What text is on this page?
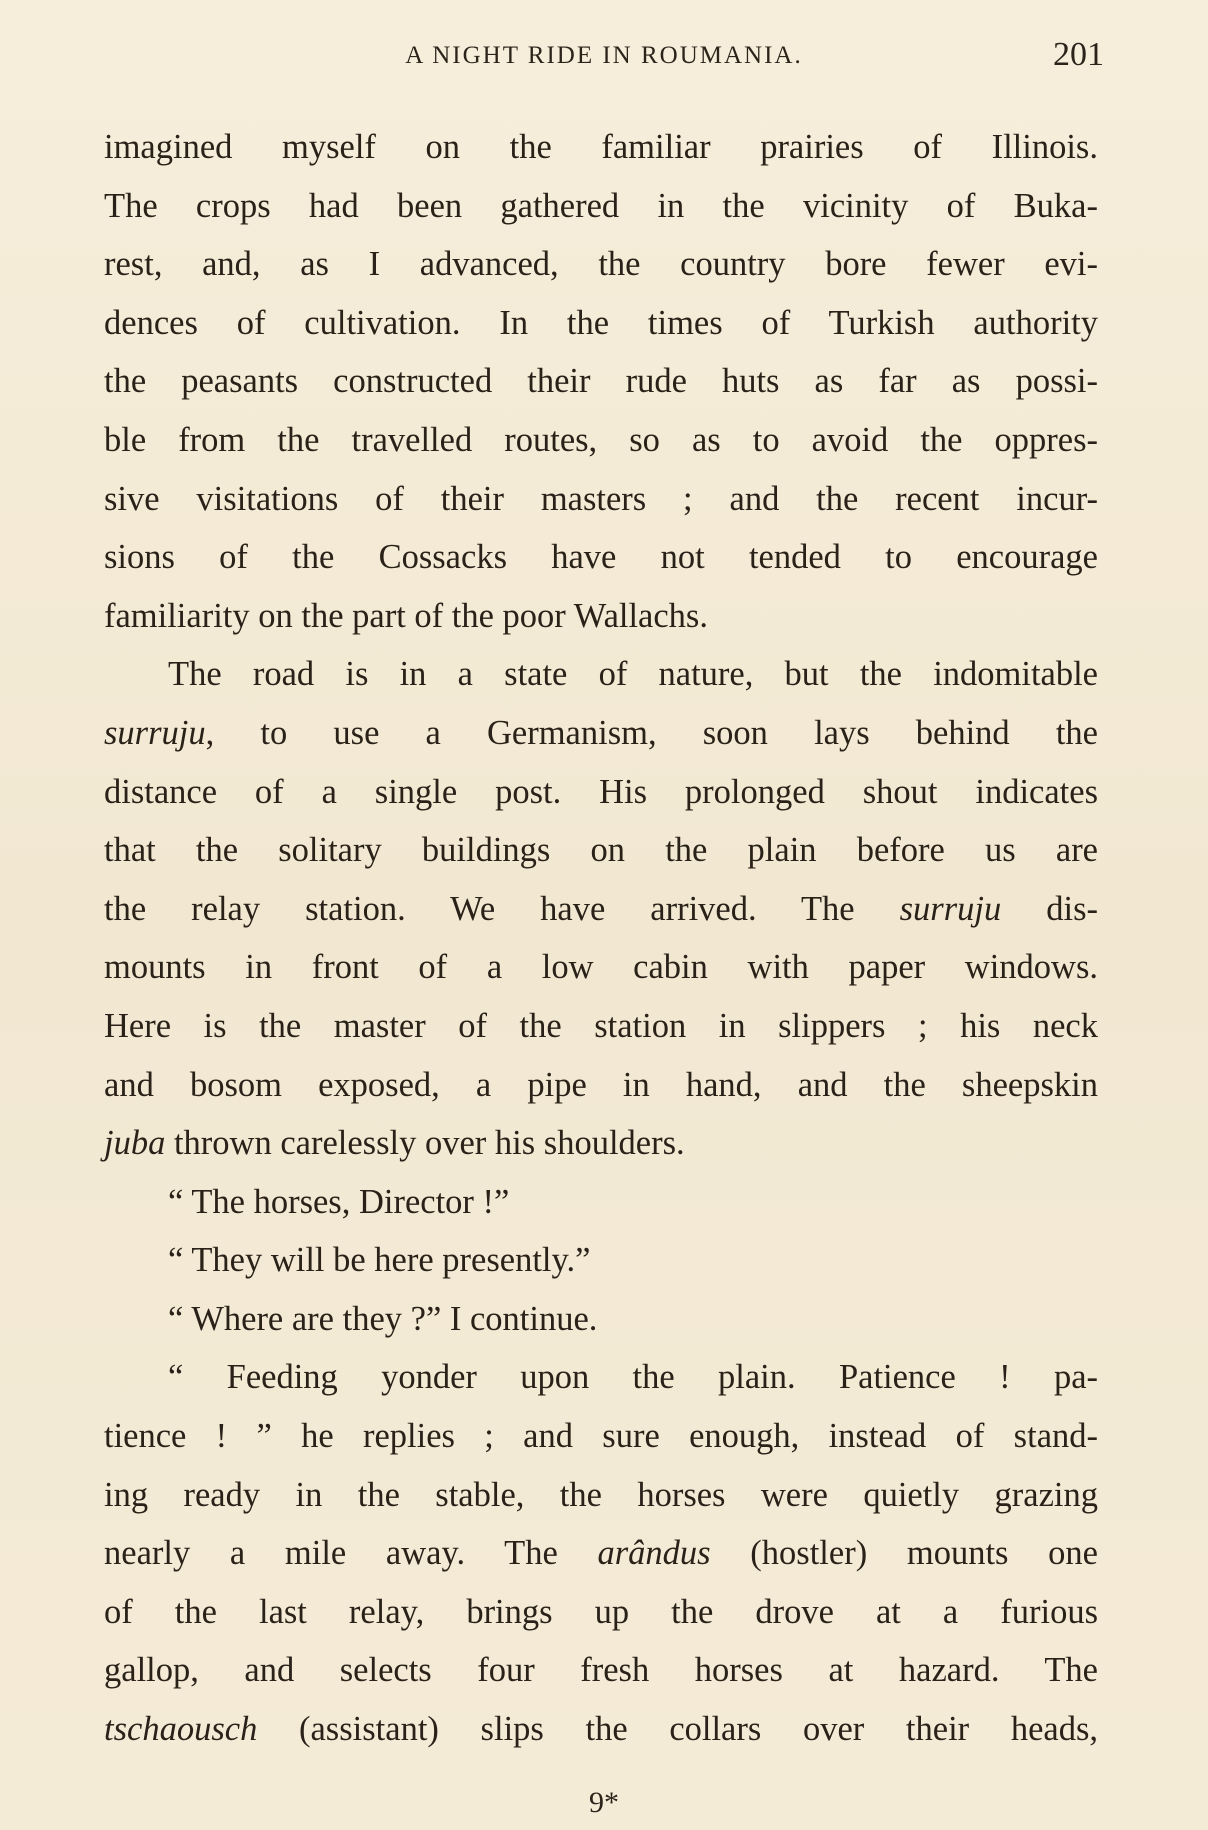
A NIGHT RIDE IN ROUMANIA.	201
imagined myself on the familiar prairies of Illinois.
The crops had been gathered in the vicinity of Buka-
rest, and, as I advanced, the country bore fewer evi-
dences of cultivation. In the times of Turkish authority
the peasants constructed their rude huts as far as possi-
ble from the travelled routes, so as to avoid the oppres-
sive visitations of their masters ; and the recent incur-
sions of the Cossacks have not tended to encourage
familiarity on the part of the poor Wallachs.
The road is in a state of nature, but the indomitable
surruju, to use a Germanism, soon lays behind the
distance of a single post. His prolonged shout indicates
that the solitary buildings on the plain before us are
the relay station. We have arrived. The surruju dis-
mounts in front of a low cabin with paper windows.
Here is the master of the station in slippers ; his neck
and bosom exposed, a pipe in hand, and the sheepskin
juba thrown carelessly over his shoulders.
“ The horses, Director !”
“ They will be here presently.”
“ Where are they ?” I continue.
“ Feeding yonder upon the plain. Patience ! pa-
tience ! ” he replies ; and sure enough, instead of stand-
ing ready in the stable, the horses were quietly grazing
nearly a mile away. The arândus (hostler) mounts one
of the last relay, brings up the drove at a furious
gallop, and selects four fresh horses at hazard. The
tschaousch (assistant) slips the collars over their heads,
9*
